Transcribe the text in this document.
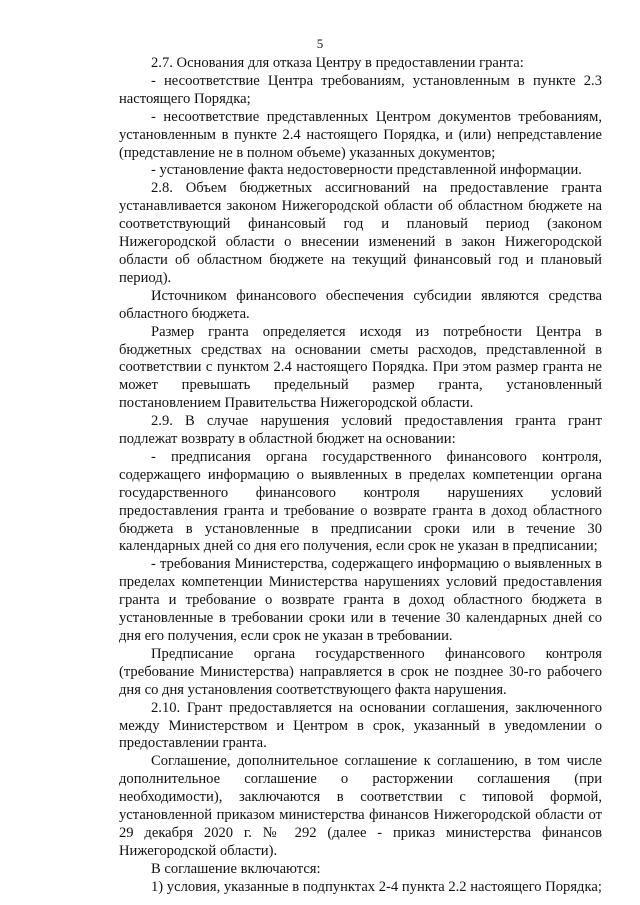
5

2.7. Основания для отказа Центру в предоставлении гранта:

- несоответствие Центра требованиям, установленным в пункте 2.3 настоящего Порядка;

- несоответствие представленных Центром документов требованиям, установленным в пункте 2.4 настоящего Порядка, и (или) непредставление (представление не в полном объеме) указанных документов;

- установление факта недостоверности представленной информации.

2.8. Объем бюджетных ассигнований на предоставление гранта устанавливается законом Нижегородской области об областном бюджете на соответствующий финансовый год и плановый период (законом Нижегородской области о внесении изменений в закон Нижегородской области об областном бюджете на текущий финансовый год и плановый период).

Источником финансового обеспечения субсидии являются средства областного бюджета.

Размер гранта определяется исходя из потребности Центра в бюджетных средствах на основании сметы расходов, представленной в соответствии с пунктом 2.4 настоящего Порядка. При этом размер гранта не может превышать предельный размер гранта, установленный постановлением Правительства Нижегородской области.

2.9. В случае нарушения условий предоставления гранта грант подлежат возврату в областной бюджет на основании:

- предписания органа государственного финансового контроля, содержащего информацию о выявленных в пределах компетенции органа государственного финансового контроля нарушениях условий предоставления гранта и требование о возврате гранта в доход областного бюджета в установленные в предписании сроки или в течение 30 календарных дней со дня его получения, если срок не указан в предписании;

- требования Министерства, содержащего информацию о выявленных в пределах компетенции Министерства нарушениях условий предоставления гранта и требование о возврате гранта в доход областного бюджета в установленные в требовании сроки или в течение 30 календарных дней со дня его получения, если срок не указан в требовании.

Предписание органа государственного финансового контроля (требование Министерства) направляется в срок не позднее 30-го рабочего дня со дня установления соответствующего факта нарушения.

2.10. Грант предоставляется на основании соглашения, заключенного между Министерством и Центром в срок, указанный в уведомлении о предоставлении гранта.

Соглашение, дополнительное соглашение к соглашению, в том числе дополнительное соглашение о расторжении соглашения (при необходимости), заключаются в соответствии с типовой формой, установленной приказом министерства финансов Нижегородской области от 29 декабря 2020 г. № 292 (далее - приказ министерства финансов Нижегородской области).

В соглашение включаются:

1) условия, указанные в подпунктах 2-4 пункта 2.2 настоящего Порядка;
